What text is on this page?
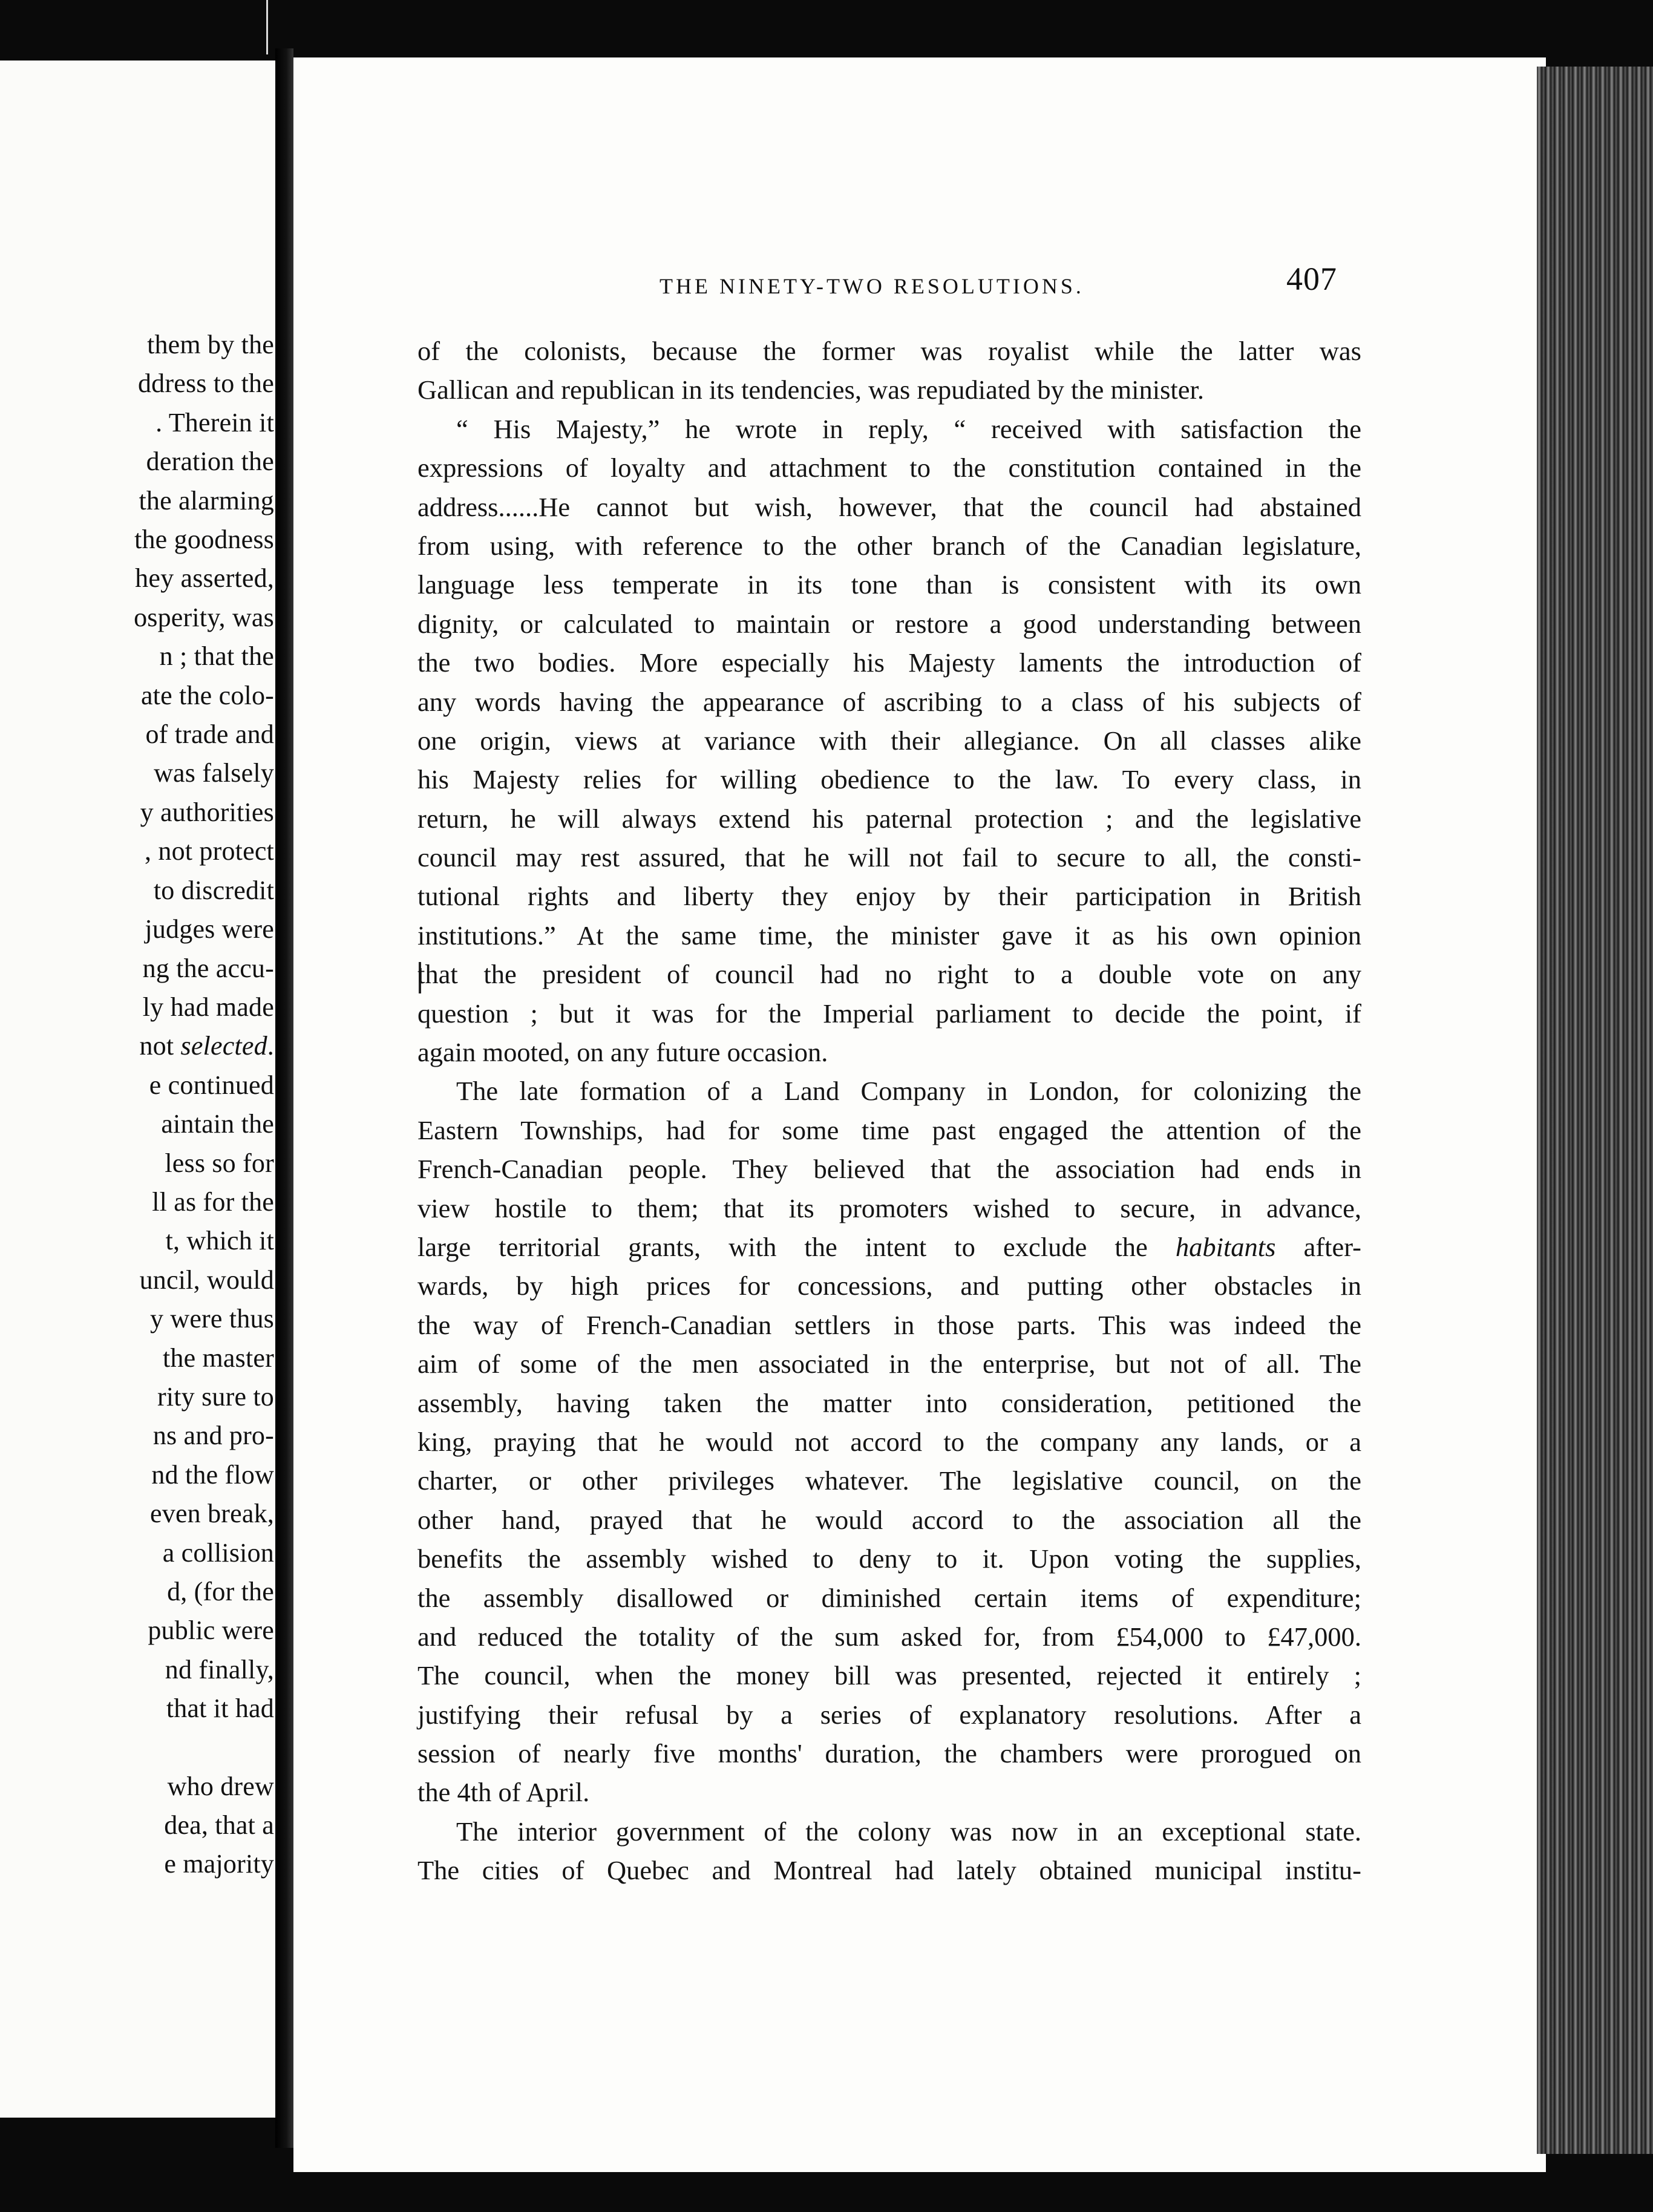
them by the
ddress to the
. Therein it
deration the
the alarming
the goodness
hey asserted,
osperity, was
n ; that the
ate the colo-
of trade and
was falsely
y authorities
, not protect
to discredit
judges were
ng the accu-
ly had made
not selected.
e continued
aintain the
less so for
ll as for the
t, which it
uncil, would
y were thus
the master
rity sure to
ns and pro-
nd the flow
even break,
a collision
d, (for the
public were
nd finally,
that it had
who drew
dea, that a
e majority
THE NINETY-TWO RESOLUTIONS.	407
of the colonists, because the former was royalist while the latter was
Gallican and republican in its tendencies, was repudiated by the minister.
“ His Majesty,” he wrote in reply, “ received with satisfaction the
expressions of loyalty and attachment to the constitution contained in the
address......He cannot but wish, however, that the council had abstained
from using, with reference to the other branch of the Canadian legislature,
language less temperate in its tone than is consistent with its own
dignity, or calculated to maintain or restore a good understanding between
the two bodies. More especially his Majesty laments the introduction of
any words having the appearance of ascribing to a class of his subjects of
one origin, views at variance with their allegiance. On all classes alike
his Majesty relies for willing obedience to the law. To every class, in
return, he will always extend his paternal protection ; and the legislative
council may rest assured, that he will not fail to secure to all, the consti-
tutional rights and liberty they enjoy by their participation in British
institutions.” At the same time, the minister gave it as his own opinion
that the president of council had no right to a double vote on any
question ; but it was for the Imperial parliament to decide the point, if
again mooted, on any future occasion.
The late formation of a Land Company in London, for colonizing the
Eastern Townships, had for some time past engaged the attention of the
French-Canadian people. They believed that the association had ends in
view hostile to them; that its promoters wished to secure, in advance,
large territorial grants, with the intent to exclude the habitants after-
wards, by high prices for concessions, and putting other obstacles in
the way of French-Canadian settlers in those parts. This was indeed the
aim of some of the men associated in the enterprise, but not of all. The
assembly, having taken the matter into consideration, petitioned the
king, praying that he would not accord to the company any lands, or a
charter, or other privileges whatever. The legislative council, on the
other hand, prayed that he would accord to the association all the
benefits the assembly wished to deny to it. Upon voting the supplies,
the assembly disallowed or diminished certain items of expenditure;
and reduced the totality of the sum asked for, from £54,000 to £47,000.
The council, when the money bill was presented, rejected it entirely ;
justifying their refusal by a series of explanatory resolutions. After a
session of nearly five months' duration, the chambers were prorogued on
the 4th of April.
The interior government of the colony was now in an exceptional state.
The cities of Quebec and Montreal had lately obtained municipal institu-
